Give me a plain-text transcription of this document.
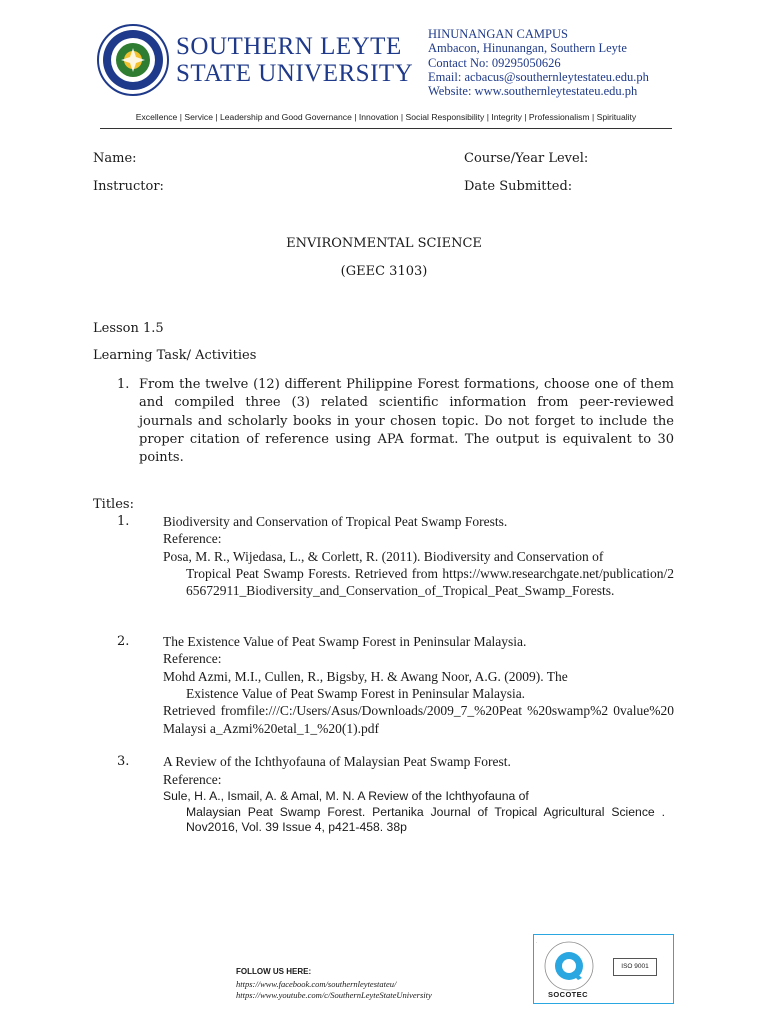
SOUTHERN LEYTE
STATE UNIVERSITY
HINUNANGAN CAMPUS
Ambacon, Hinunangan, Southern Leyte
Contact No: 09295050626
Email: acbacus@southernleytestateu.edu.ph
Website: www.southernleytestateu.edu.ph
Excellence | Service | Leadership and Good Governance | Innovation | Social Responsibility | Integrity | Professionalism | Spirituality
Name:	Course/Year Level:
Instructor:	Date Submitted:
ENVIRONMENTAL SCIENCE
(GEEC 3103)
Lesson 1.5
Learning Task/ Activities
1. From the twelve (12) different Philippine Forest formations, choose one of them and compiled three (3) related scientific information from peer-reviewed journals and scholarly books in your chosen topic. Do not forget to include the proper citation of reference using APA format. The output is equivalent to 30 points.
Titles:
1. Biodiversity and Conservation of Tropical Peat Swamp Forests.
Reference:
Posa, M. R., Wijedasa, L., & Corlett, R. (2011). Biodiversity and Conservation of
Tropical Peat Swamp Forests. Retrieved from https://www.researchgate.net/publication/265672911_Biodiversity_and_Conservation_of_Tropical_Peat_Swamp_Forests.
2. The Existence Value of Peat Swamp Forest in Peninsular Malaysia.
Reference:
Mohd Azmi, M.I., Cullen, R., Bigsby, H. & Awang Noor, A.G. (2009). The
Existence Value of Peat Swamp Forest in Peninsular Malaysia.
Retrieved fromfile:///C:/Users/Asus/Downloads/2009_7_%20Peat %20swamp%2 0value%20Malaysi a_Azmi%20etal_1_%20(1).pdf
3. A Review of the Ichthyofauna of Malaysian Peat Swamp Forest.
Reference:
Sule, H. A., Ismail, A. & Amal, M. N. A Review of the Ichthyofauna of
Malaysian Peat Swamp Forest. Pertanika Journal of Tropical Agricultural Science . Nov2016, Vol. 39 Issue 4, p421-458. 38p
FOLLOW US HERE:
https://www.facebook.com/southernleytestateu/
https://www.youtube.com/c/SouthernLeyteStateUniversity	SOCOTEC
ISO 9001
